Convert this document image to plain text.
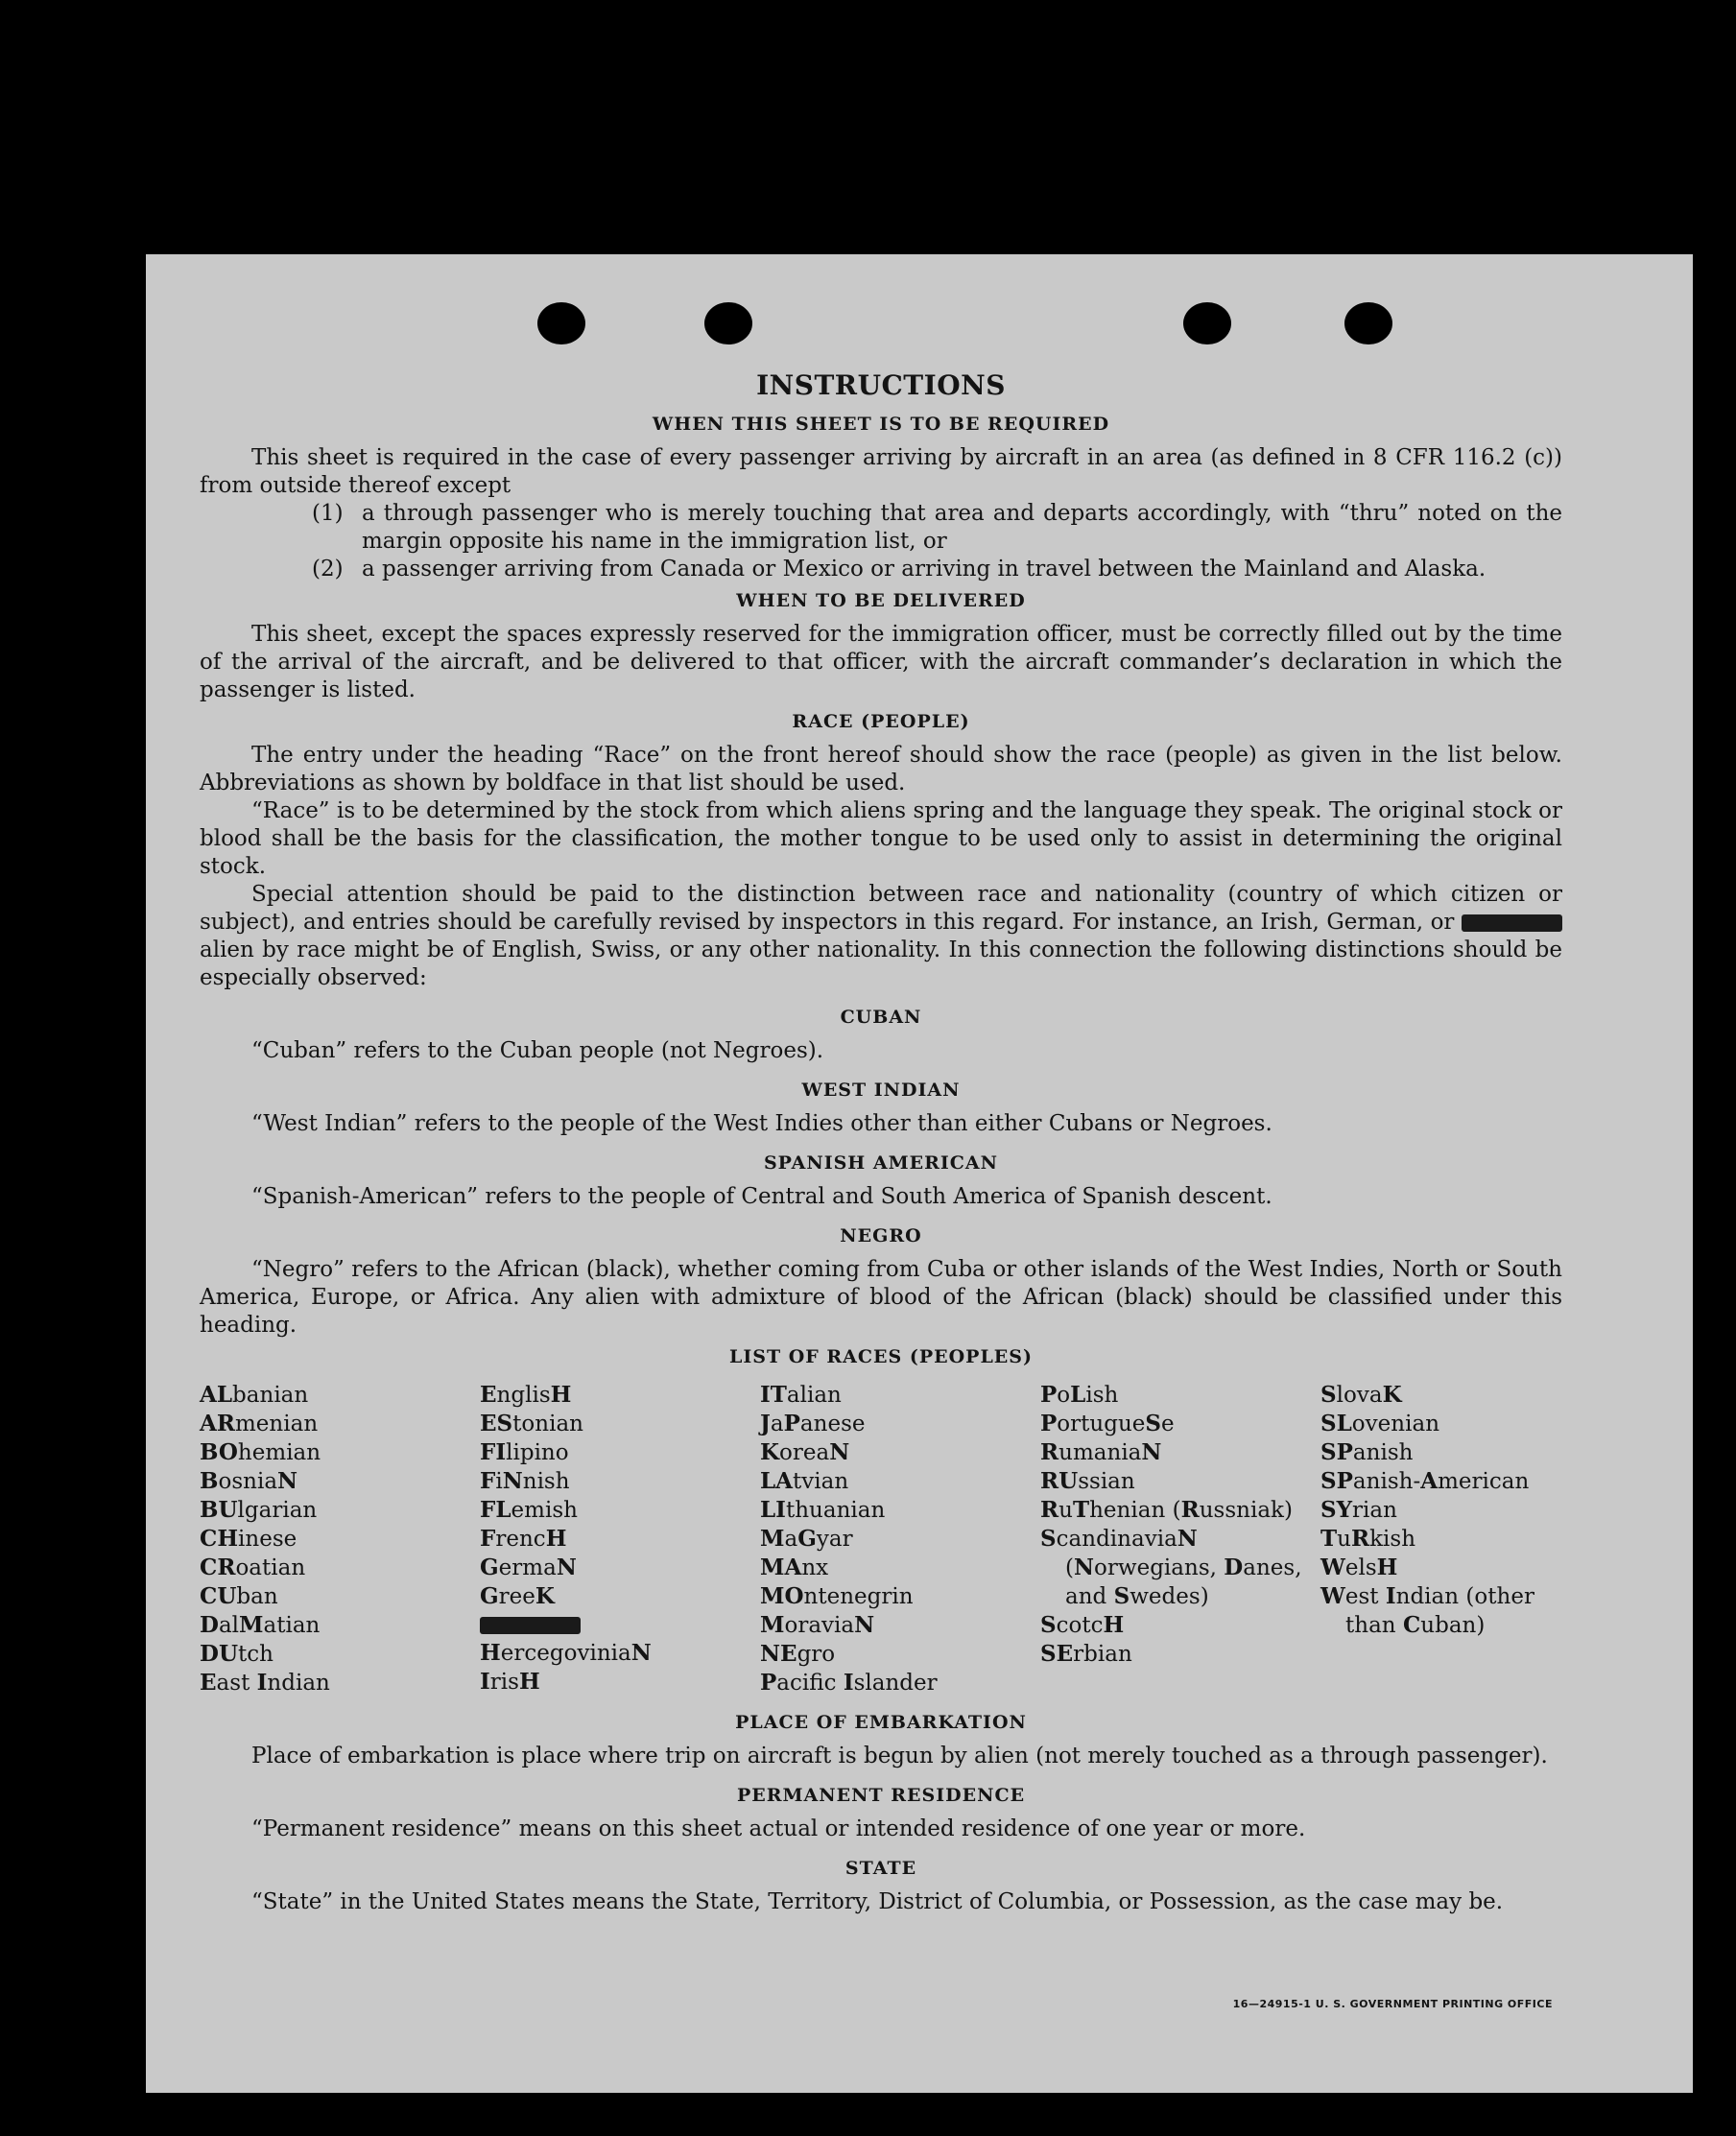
INSTRUCTIONS
WHEN THIS SHEET IS TO BE REQUIRED

This sheet is required in the case of every passenger arriving by aircraft in an area (as defined in 8 CFR 116.2 (c)) from outside thereof except

(1) a through passenger who is merely touching that area and departs accordingly, with “thru” noted on the margin opposite his name in the immigration list, or
(2) a passenger arriving from Canada or Mexico or arriving in travel between the Mainland and Alaska.
WHEN TO BE DELIVERED

This sheet, except the spaces expressly reserved for the immigration officer, must be correctly filled out by the time of the arrival of the aircraft, and be delivered to that officer, with the aircraft commander’s declaration in which the passenger is listed.

RACE (PEOPLE)

The entry under the heading “Race” on the front hereof should show the race (people) as given in the list below. Abbreviations as shown by boldface in that list should be used.

“Race” is to be determined by the stock from which aliens spring and the language they speak. The original stock or blood shall be the basis for the classification, the mother tongue to be used only to assist in determining the original stock.

Special attention should be paid to the distinction between race and nationality (country of which citizen or subject), and entries should be carefully revised by inspectors in this regard. For instance, an Irish, German, or  alien by race might be of English, Swiss, or any other nationality. In this connection the following distinctions should be especially observed:

CUBAN

“Cuban” refers to the Cuban people (not Negroes).

WEST INDIAN

“West Indian” refers to the people of the West Indies other than either Cubans or Negroes.

SPANISH AMERICAN

“Spanish-American” refers to the people of Central and South America of Spanish descent.

NEGRO

“Negro” refers to the African (black), whether coming from Cuba or other islands of the West Indies, North or South America, Europe, or Africa. Any alien with admixture of blood of the African (black) should be classified under this heading.

LIST OF RACES (PEOPLES)
ALbanian
ARmenian
BOhemian
BosniaN
BUlgarian
CHinese
CRoatian
CUban
DalMatian
DUtch
East Indian
EnglisH
EStonian
FIlipino
FiNnish
FLemish
FrencH
GermaN
GreeK
HercegoviniaN
IrisH
ITalian
JaPanese
KoreaN
LAtvian
LIthuanian
MaGyar
MAnx
MOntenegrin
MoraviaN
NEgro
Pacifc Islander
PoLish
PortugueSe
RumaniaN
RUssian
RuThenian (Russniak)
ScandinaviaN (Norwegians, Danes, and Swedes)
ScotcH
SErbian
SlovaK
SLovenian
SPanish
SPanish-American
SYrian
TuRkish
WelsH
West Indian (other than Cuban)
PLACE OF EMBARKATION

Place of embarkation is place where trip on aircraft is begun by alien (not merely touched as a through passenger).

PERMANENT RESIDENCE

“Permanent residence” means on this sheet actual or intended residence of one year or more.

STATE

“State” in the United States means the State, Territory, District of Columbia, or Possession, as the case may be.

16—24915-1 U. S. GOVERNMENT PRINTING OFFICE
